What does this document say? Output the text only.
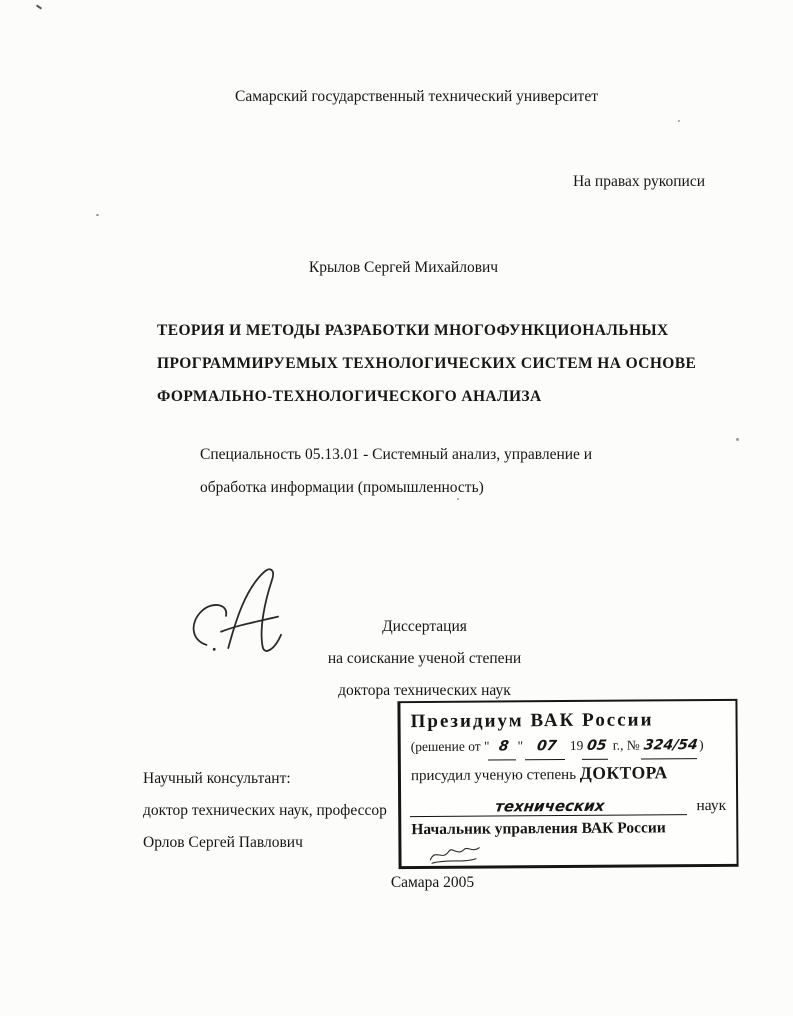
Самарский государственный технический университет
На правах рукописи
Крылов Сергей Михайлович
ТЕОРИЯ И МЕТОДЫ РАЗРАБОТКИ МНОГОФУНКЦИОНАЛЬНЫХ
ПРОГРАММИРУЕМЫХ ТЕХНОЛОГИЧЕСКИХ СИСТЕМ НА ОСНОВЕ
ФОРМАЛЬНО-ТЕХНОЛОГИЧЕСКОГО АНАЛИЗА
Специальность 05.13.01 - Системный анализ, управление и обработка информации (промышленность)
Диссертация
на соискание ученой степени
доктора технических наук
Научный консультант:
доктор технических наук, профессор
Орлов Сергей Павлович
Президиум ВАК России
(решение от " 8 " 07 19 05 г., № 324/54)
присудил ученую степень ДОКТОРА
технических	наук
Начальник управления ВАК России
Самара 2005
